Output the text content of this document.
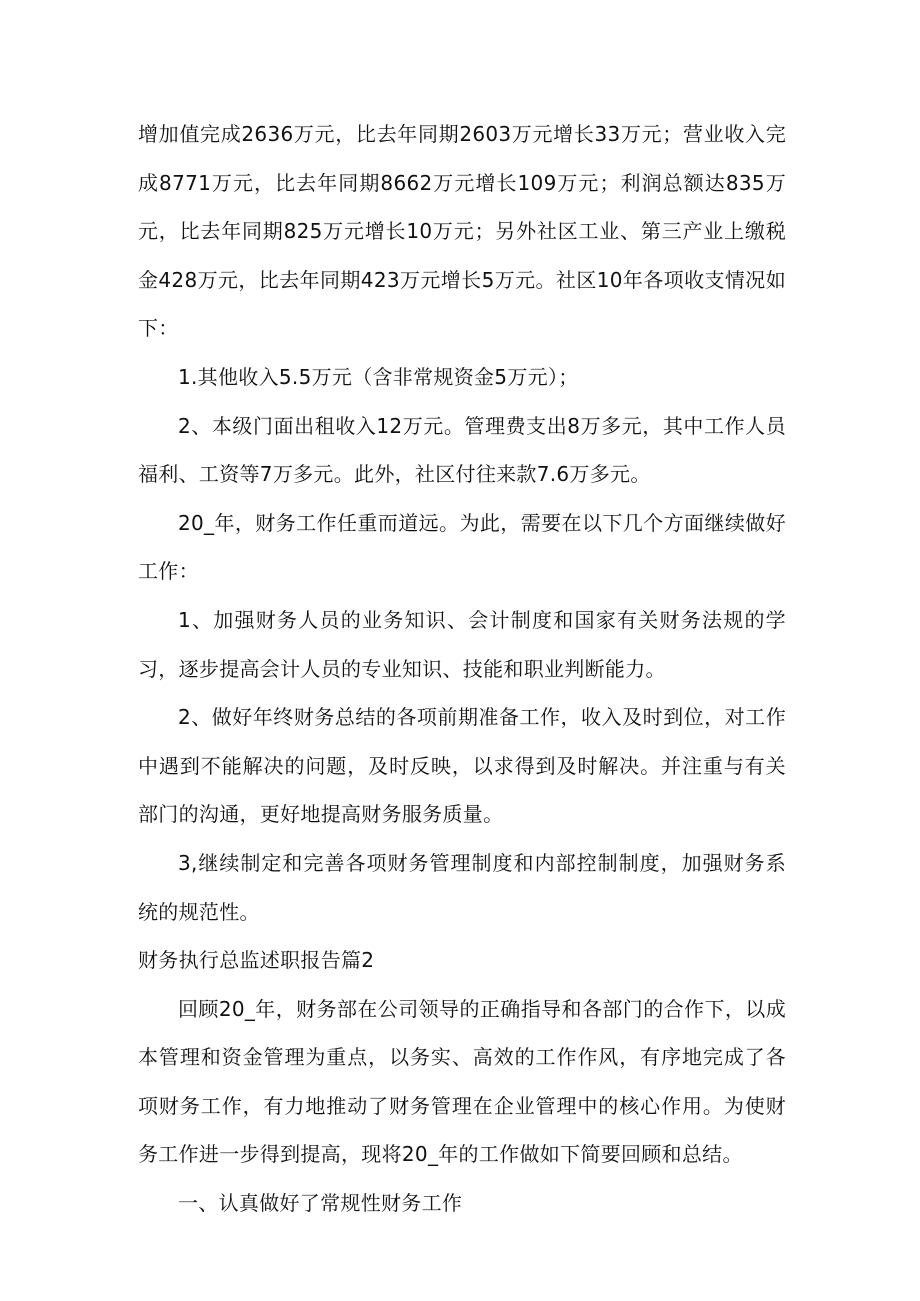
增加值完成2636万元，比去年同期2603万元增长33万元；营业收入完成8771万元，比去年同期8662万元增长109万元；利润总额达835万元，比去年同期825万元增长10万元；另外社区工业、第三产业上缴税金428万元，比去年同期423万元增长5万元。社区10年各项收支情况如下：

1.其他收入5.5万元（含非常规资金5万元）；

2、本级门面出租收入12万元。管理费支出8万多元，其中工作人员福利、工资等7万多元。此外，社区付往来款7.6万多元。

20_年，财务工作任重而道远。为此，需要在以下几个方面继续做好工作：

1、加强财务人员的业务知识、会计制度和国家有关财务法规的学习，逐步提高会计人员的专业知识、技能和职业判断能力。

2、做好年终财务总结的各项前期准备工作，收入及时到位，对工作中遇到不能解决的问题，及时反映，以求得到及时解决。并注重与有关部门的沟通，更好地提高财务服务质量。

3,继续制定和完善各项财务管理制度和内部控制制度，加强财务系统的规范性。

财务执行总监述职报告篇2

回顾20_年，财务部在公司领导的正确指导和各部门的合作下，以成本管理和资金管理为重点，以务实、高效的工作作风，有序地完成了各项财务工作，有力地推动了财务管理在企业管理中的核心作用。为使财务工作进一步得到提高，现将20_年的工作做如下简要回顾和总结。

一、认真做好了常规性财务工作
